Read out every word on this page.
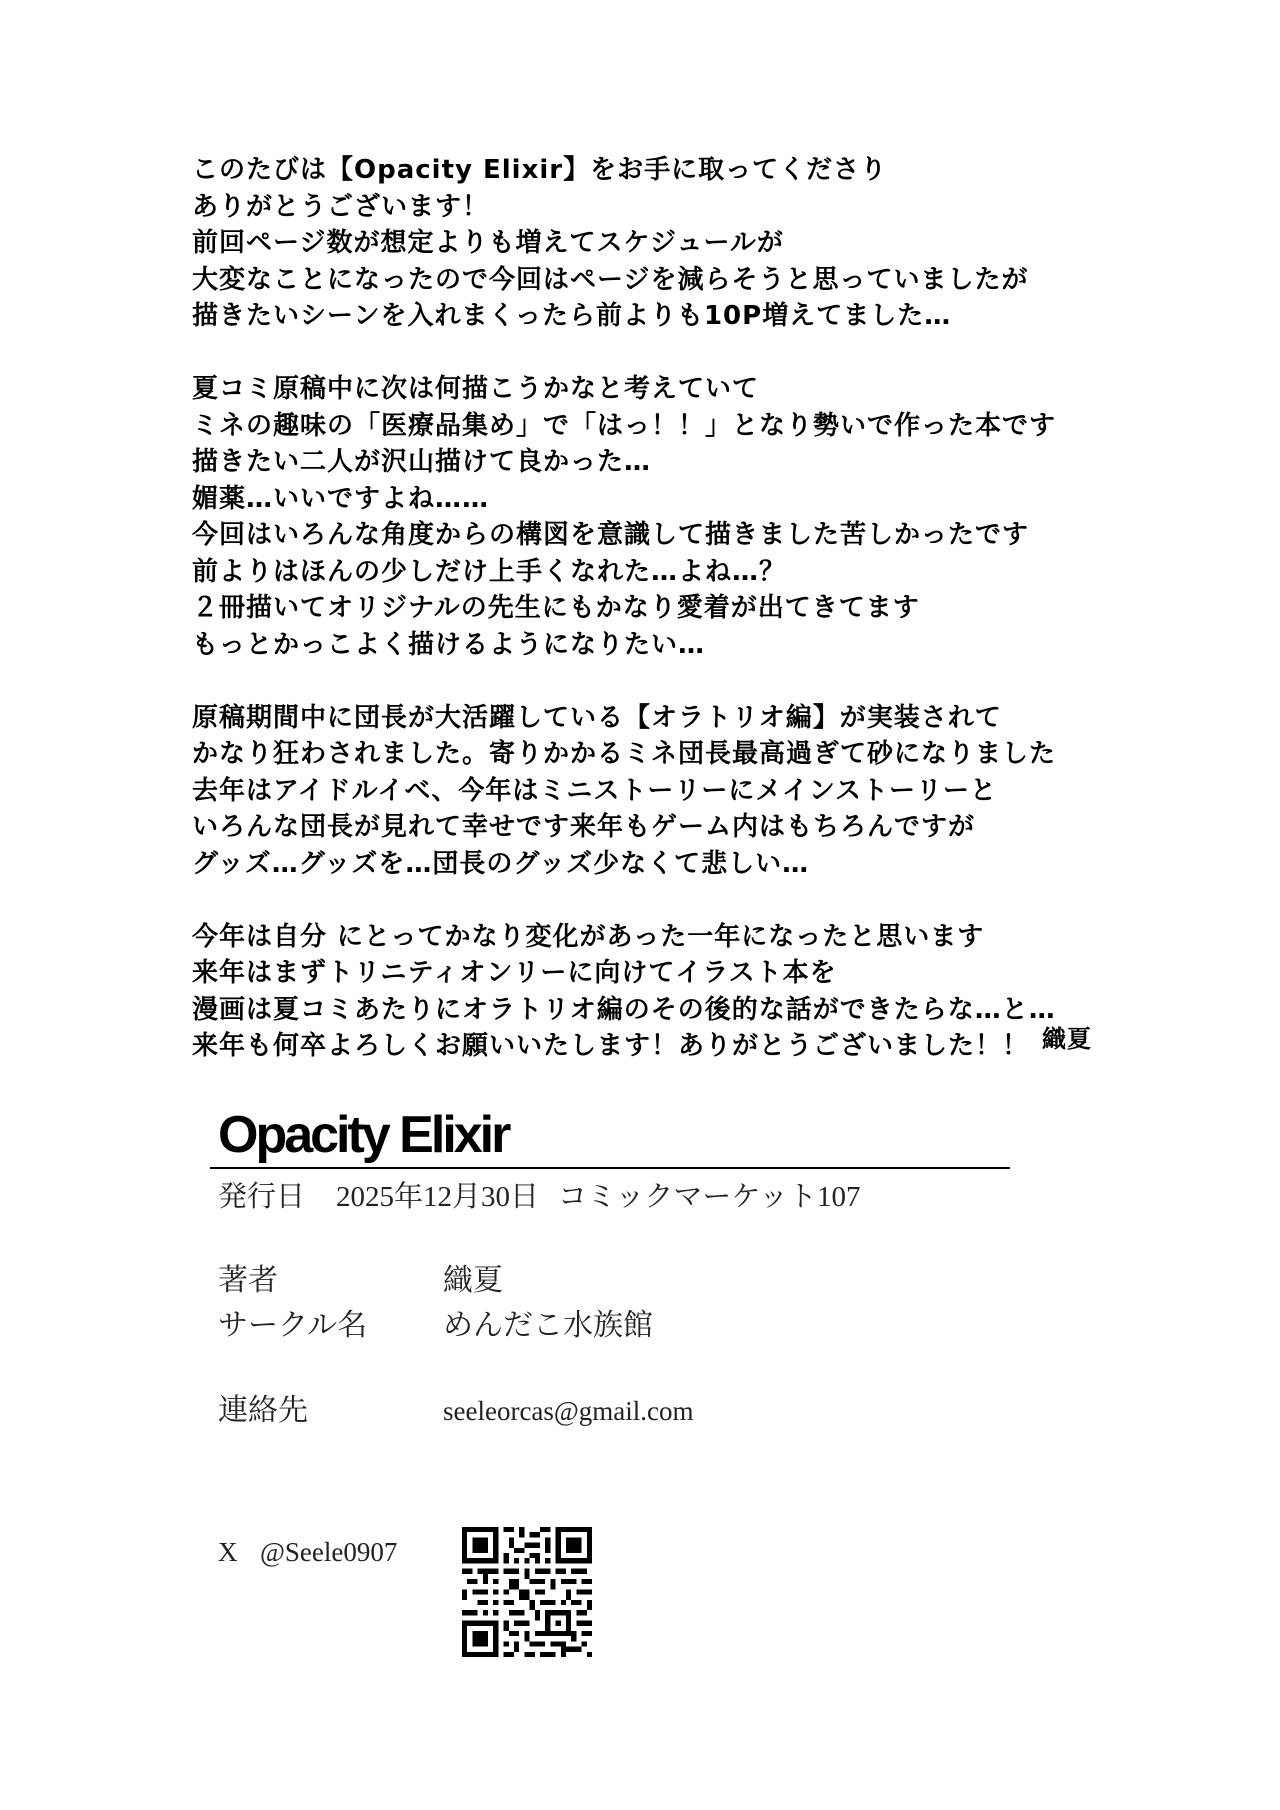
このたびは【Opacity Elixir】をお手に取ってくださり
ありがとうございます！
前回ページ数が想定よりも増えてスケジュールが
大変なことになったので今回はページを減らそうと思っていましたが
描きたいシーンを入れまくったら前よりも10P増えてました…
夏コミ原稿中に次は何描こうかなと考えていて
ミネの趣味の「医療品集め」で「はっ！！」となり勢いで作った本です
描きたい二人が沢山描けて良かった…
媚薬…いいですよね……
今回はいろんな角度からの構図を意識して描きました苦しかったです
前よりはほんの少しだけ上手くなれた…よね…？
２冊描いてオリジナルの先生にもかなり愛着が出てきてます
もっとかっこよく描けるようになりたい…
原稿期間中に団長が大活躍している【オラトリオ編】が実装されて
かなり狂わされました。寄りかかるミネ団長最高過ぎて砂になりました
去年はアイドルイベ、今年はミニストーリーにメインストーリーと
いろんな団長が見れて幸せです来年もゲーム内はもちろんですが
グッズ…グッズを…団長のグッズ少なくて悲しい…
今年は自分 にとってかなり変化があった一年になったと思います
来年はまずトリニティオンリーに向けてイラスト本を
漫画は夏コミあたりにオラトリオ編のその後的な話ができたらな…と…
来年も何卒よろしくお願いいたします！ありがとうございました！！ 織夏
Opacity Elixir
発行日 2025年12月30日 コミックマーケット107
著者	織夏
サークル名	めんだこ水族館
連絡先	seeleorcas@gmail.com
X @Seele0907
